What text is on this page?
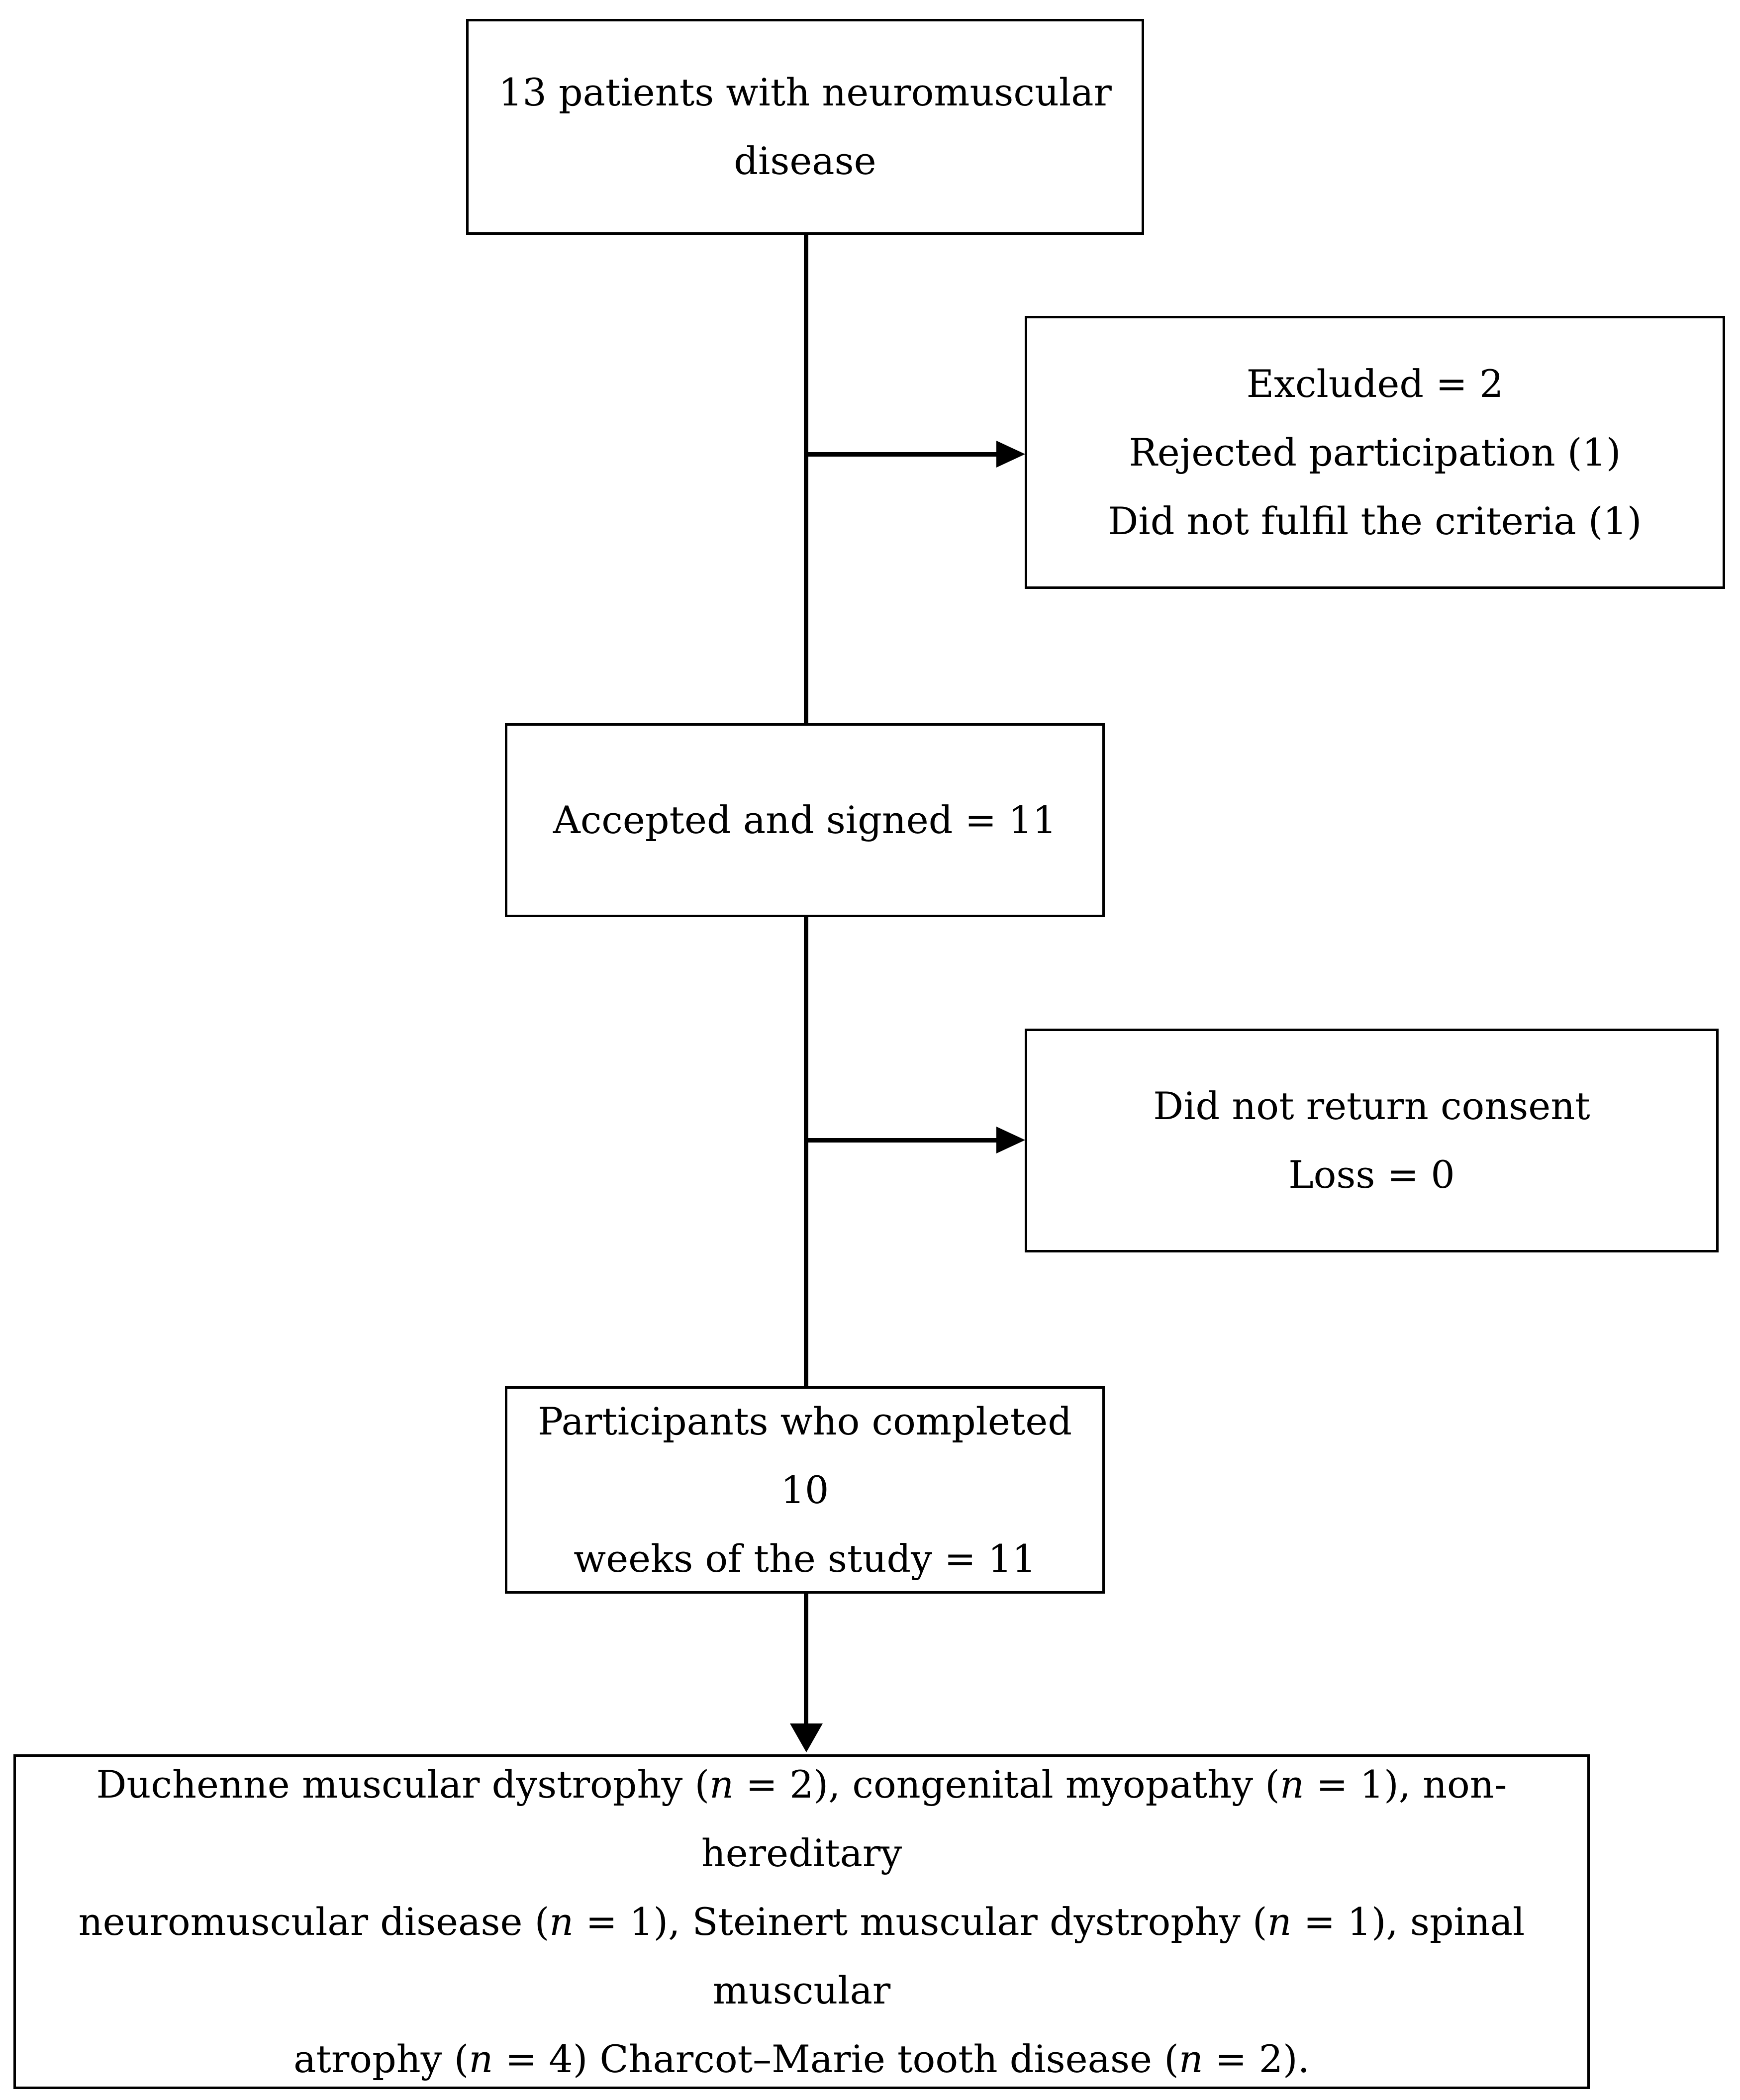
13 patients with neuromuscular
disease
Excluded = 2
Rejected participation (1)
Did not fulfil the criteria (1)
Accepted and signed = 11
Did not return consent
Loss = 0
Participants who completed 10
weeks of the study = 11
Duchenne muscular dystrophy (n = 2), congenital myopathy (n = 1), non-hereditary
neuromuscular disease (n = 1), Steinert muscular dystrophy (n = 1), spinal muscular
atrophy (n = 4) Charcot–Marie tooth disease (n = 2).
